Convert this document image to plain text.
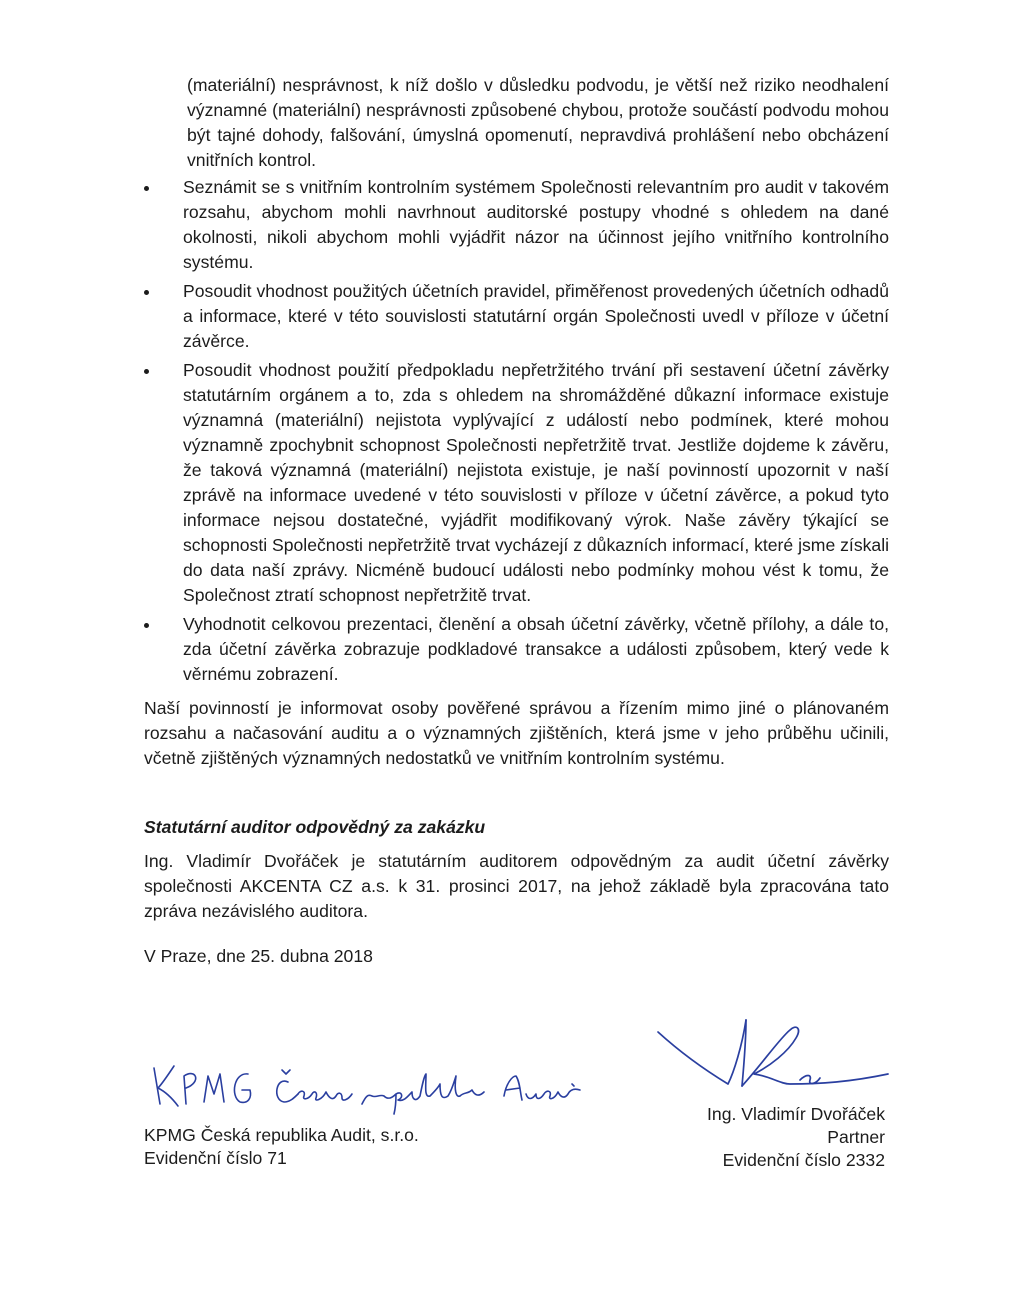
(materiální) nesprávnost, k níž došlo v důsledku podvodu, je větší než riziko neodhalení významné (materiální) nesprávnosti způsobené chybou, protože součástí podvodu mohou být tajné dohody, falšování, úmyslná opomenutí, nepravdivá prohlášení nebo obcházení vnitřních kontrol.

Seznámit se s vnitřním kontrolním systémem Společnosti relevantním pro audit v takovém rozsahu, abychom mohli navrhnout auditorské postupy vhodné s ohledem na dané okolnosti, nikoli abychom mohli vyjádřit názor na účinnost jejího vnitřního kontrolního systému.

Posoudit vhodnost použitých účetních pravidel, přiměřenost provedených účetních odhadů a informace, které v této souvislosti statutární orgán Společnosti uvedl v příloze v účetní závěrce.

Posoudit vhodnost použití předpokladu nepřetržitého trvání při sestavení účetní závěrky statutárním orgánem a to, zda s ohledem na shromážděné důkazní informace existuje významná (materiální) nejistota vyplývající z událostí nebo podmínek, které mohou významně zpochybnit schopnost Společnosti nepřetržitě trvat. Jestliže dojdeme k závěru, že taková významná (materiální) nejistota existuje, je naší povinností upozornit v naší zprávě na informace uvedené v této souvislosti v příloze v účetní závěrce, a pokud tyto informace nejsou dostatečné, vyjádřit modifikovaný výrok. Naše závěry týkající se schopnosti Společnosti nepřetržitě trvat vycházejí z důkazních informací, které jsme získali do data naší zprávy. Nicméně budoucí události nebo podmínky mohou vést k tomu, že Společnost ztratí schopnost nepřetržitě trvat.

Vyhodnotit celkovou prezentaci, členění a obsah účetní závěrky, včetně přílohy, a dále to, zda účetní závěrka zobrazuje podkladové transakce a události způsobem, který vede k věrnému zobrazení.

Naší povinností je informovat osoby pověřené správou a řízením mimo jiné o plánovaném rozsahu a načasování auditu a o významných zjištěních, která jsme v jeho průběhu učinili, včetně zjištěných významných nedostatků ve vnitřním kontrolním systému.

Statutární auditor odpovědný za zakázku

Ing. Vladimír Dvořáček je statutárním auditorem odpovědným za audit účetní závěrky společnosti AKCENTA CZ a.s. k 31. prosinci 2017, na jehož základě byla zpracována tato zpráva nezávislého auditora.

V Praze, dne 25. dubna 2018

KPMG Česká republika Audit, s.r.o.

Evidenční číslo 71

Ing. Vladimír Dvořáček

Partner

Evidenční číslo 2332
